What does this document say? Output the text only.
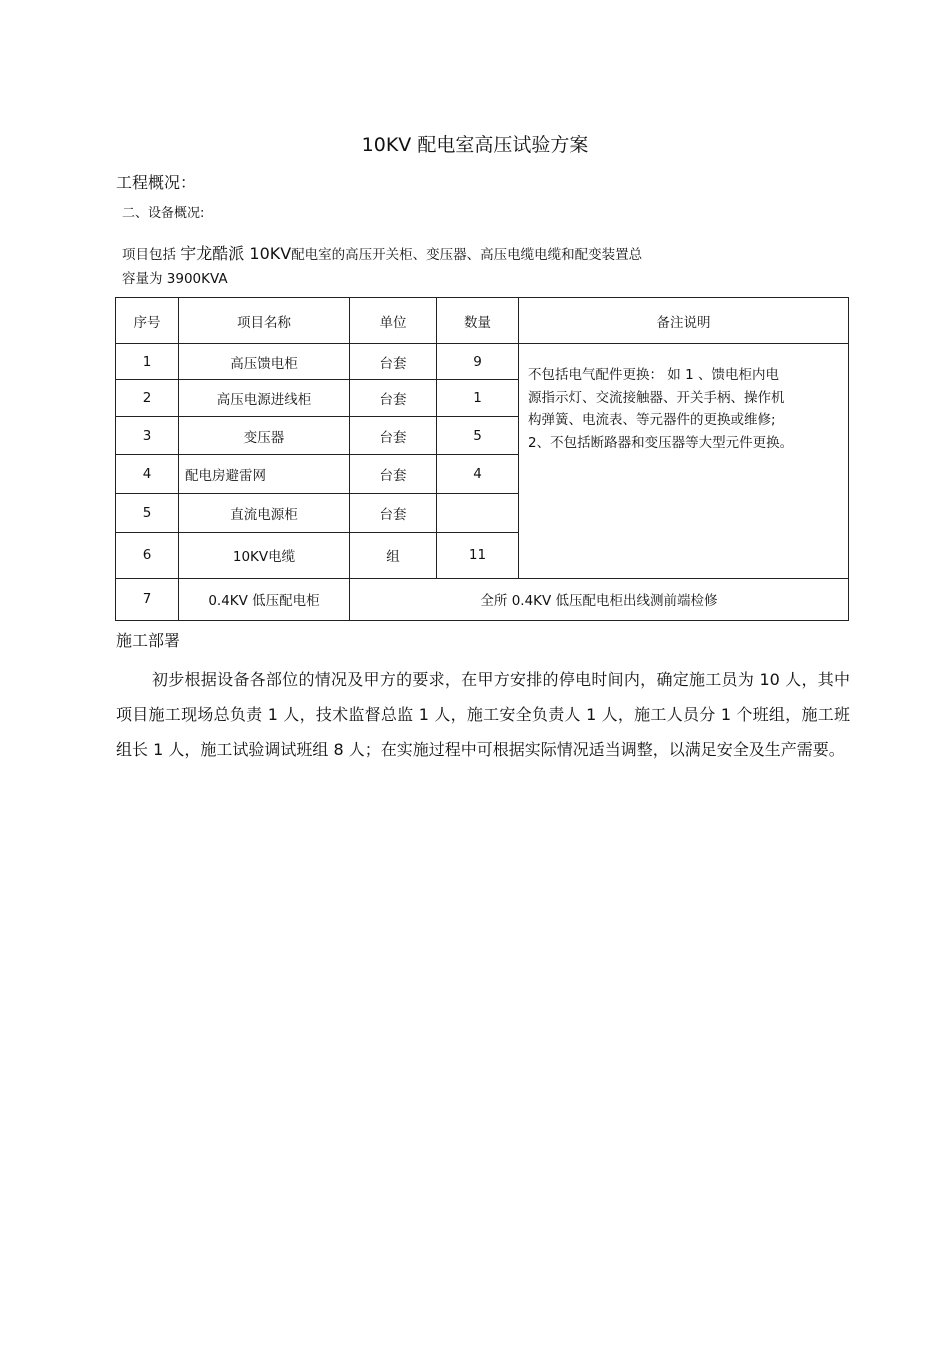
10KV 配电室高压试验方案
工程概况：
二、设备概况:
项目包括 宇龙酷派 10KV配电室的高压开关柜、变压器、高压电缆电缆和配变装置总
容量为 3900KVA
序号	项目名称	单位	数量	备注说明
1	高压馈电柜	台套	9	不包括电气配件更换： 如 1 、馈电柜内电
源指示灯、交流接触器、开关手柄、操作机
构弹簧、电流表、等元器件的更换或维修;
2、不包括断路器和变压器等大型元件更换。

2	高压电源进线柜	台套	1	
3	变压器	台套	5	
4	配电房避雷网	台套	4	
5	直流电源柜	台套		
6	10KV电缆	组	11	
7	0.4KV 低压配电柜	全所 0.4KV 低压配电柜出线测前端检修		
施工部署

初步根据设备各部位的情况及甲方的要求，在甲方安排的停电时间内，确定施工员为 10 人，其中项目施工现场总负责 1 人，技术监督总监 1 人，施工安全负责人 1 人，施工人员分 1 个班组，施工班组长 1 人，施工试验调试班组 8 人；在实施过程中可根据实际情况适当调整，以满足安全及生产需要。
